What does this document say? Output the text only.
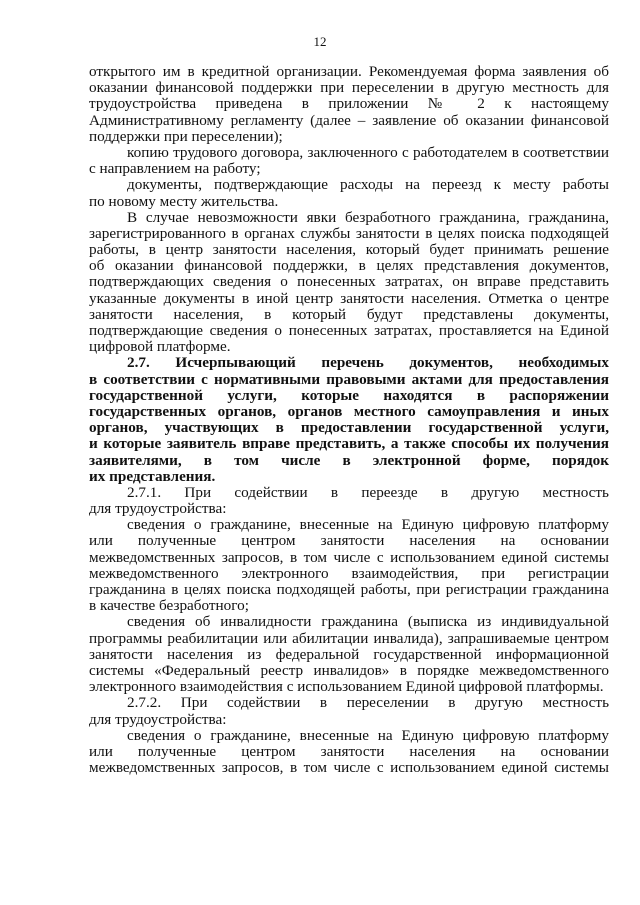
12
открытого им в кредитной организации. Рекомендуемая форма заявления об
оказании финансовой поддержки при переселении в другую местность для
трудоустройства приведена в приложении № 2 к настоящему
Административному регламенту (далее – заявление об оказании финансовой
поддержки при переселении);
копию трудового договора, заключенного с работодателем в соответствии
с направлением на работу;
документы, подтверждающие расходы на переезд к месту работы
по новому месту жительства.
В случае невозможности явки безработного гражданина, гражданина,
зарегистрированного в органах службы занятости в целях поиска подходящей
работы, в центр занятости населения, который будет принимать решение
об оказании финансовой поддержки, в целях представления документов,
подтверждающих сведения о понесенных затратах, он вправе представить
указанные документы в иной центр занятости населения. Отметка о центре
занятости населения, в который будут представлены документы,
подтверждающие сведения о понесенных затратах, проставляется на Единой
цифровой платформе.
2.7. Исчерпывающий перечень документов, необходимых
в соответствии с нормативными правовыми актами для предоставления
государственной услуги, которые находятся в распоряжении
государственных органов, органов местного самоуправления и иных
органов, участвующих в предоставлении государственной услуги,
и которые заявитель вправе представить, а также способы их получения
заявителями, в том числе в электронной форме, порядок
их представления.
2.7.1. При содействии в переезде в другую местность
для трудоустройства:
сведения о гражданине, внесенные на Единую цифровую платформу
или полученные центром занятости населения на основании
межведомственных запросов, в том числе с использованием единой системы
межведомственного электронного взаимодействия, при регистрации
гражданина в целях поиска подходящей работы, при регистрации гражданина
в качестве безработного;
сведения об инвалидности гражданина (выписка из индивидуальной
программы реабилитации или абилитации инвалида), запрашиваемые центром
занятости населения из федеральной государственной информационной
системы «Федеральный реестр инвалидов» в порядке межведомственного
электронного взаимодействия с использованием Единой цифровой платформы.
2.7.2. При содействии в переселении в другую местность
для трудоустройства:
сведения о гражданине, внесенные на Единую цифровую платформу
или полученные центром занятости населения на основании
межведомственных запросов, в том числе с использованием единой системы
